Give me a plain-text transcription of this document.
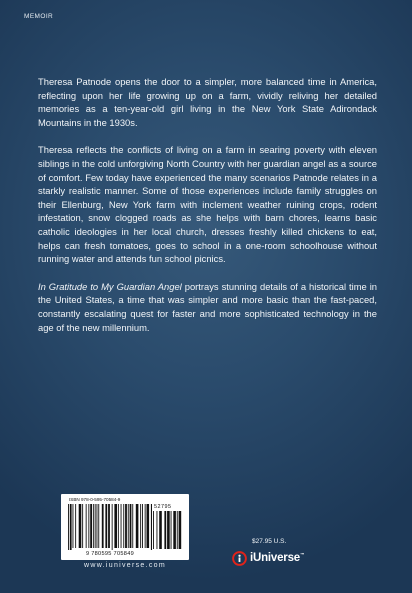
MEMOIR

Theresa Patnode opens the door to a simpler, more balanced time in America, reflecting upon her life growing up on a farm, vividly reliving her detailed memories as a ten-year-old girl living in the New York State Adirondack Mountains in the 1930s.

Theresa reflects the conflicts of living on a farm in searing poverty with eleven siblings in the cold unforgiving North Country with her guardian angel as a source of comfort. Few today have experienced the many scenarios Patnode relates in a starkly realistic manner. Some of those experiences include family struggles on their Ellenburg, New York farm with inclement weather ruining crops, rodent infestation, snow clogged roads as she helps with barn chores, learns basic catholic ideologies in her local church, dresses freshly killed chickens to eat, helps can fresh tomatoes, goes to school in a one-room schoolhouse without running water and attends fun school picnics.

In Gratitude to My Guardian Angel portrays stunning details of a historical time in the United States, a time that was simpler and more basic than the fast-paced, constantly escalating quest for faster and more sophisticated technology in the age of the new millennium.

ISBN 978-0-595-70584-9
52795
9 780595 705849
www.iuniverse.com
$27.95 U.S.
iUniverse™
